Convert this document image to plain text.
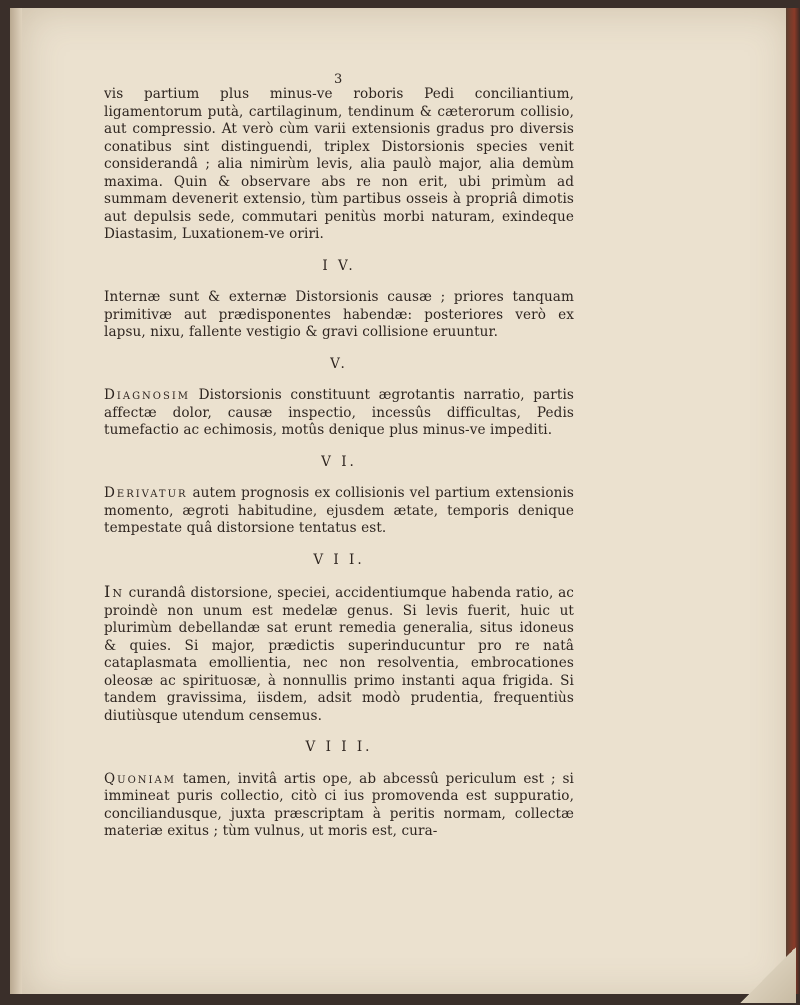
3

vis partium plus minus-ve roboris Pedi conciliantium, ligamentorum putà, cartilaginum, tendinum & cæterorum collisio, aut compressio. At verò cùm varii extensionis gradus pro diversis conatibus sint distinguendi, triplex Distorsionis species venit considerandâ ; alia nimirùm levis, alia paulò major, alia demùm maxima. Quin & observare abs re non erit, ubi primùm ad summam devenerit extensio, tùm partibus osseis à propriâ dimotis aut depulsis sede, commutari penitùs morbi naturam, exindeque Diastasim, Luxationem-ve oriri.

I V.

Internæ sunt & externæ Distorsionis causæ ; priores tanquam primitivæ aut prædisponentes habendæ: posteriores verò ex lapsu, nixu, fallente vestigio & gravi collisione eruuntur.

V.

Diagnosim Distorsionis constituunt ægrotantis narratio, partis affectæ dolor, causæ inspectio, incessûs difficultas, Pedis tumefactio ac echimosis, motûs denique plus minus-ve impediti.

V I.

Derivatur autem prognosis ex collisionis vel partium extensionis momento, ægroti habitudine, ejusdem ætate, temporis denique tempestate quâ distorsione tentatus est.

V I I.

In curandâ distorsione, speciei, accidentiumque habenda ratio, ac proindè non unum est medelæ genus. Si levis fuerit, huic ut plurimùm debellandæ sat erunt remedia generalia, situs idoneus & quies. Si major, prædictis superinducuntur pro re natâ cataplasmata emollientia, nec non resolventia, embrocationes oleosæ ac spirituosæ, à nonnullis primo instanti aqua frigida. Si tandem gravissima, iisdem, adsit modò prudentia, frequentiùs diutiùsque utendum censemus.

V I I I.

Quoniam tamen, invitâ artis ope, ab abcessû periculum est ; si immineat puris collectio, citò ci ius promovenda est suppuratio, conciliandusque, juxta præscriptam à peritis normam, collectæ materiæ exitus ; tùm vulnus, ut moris est, cura-
